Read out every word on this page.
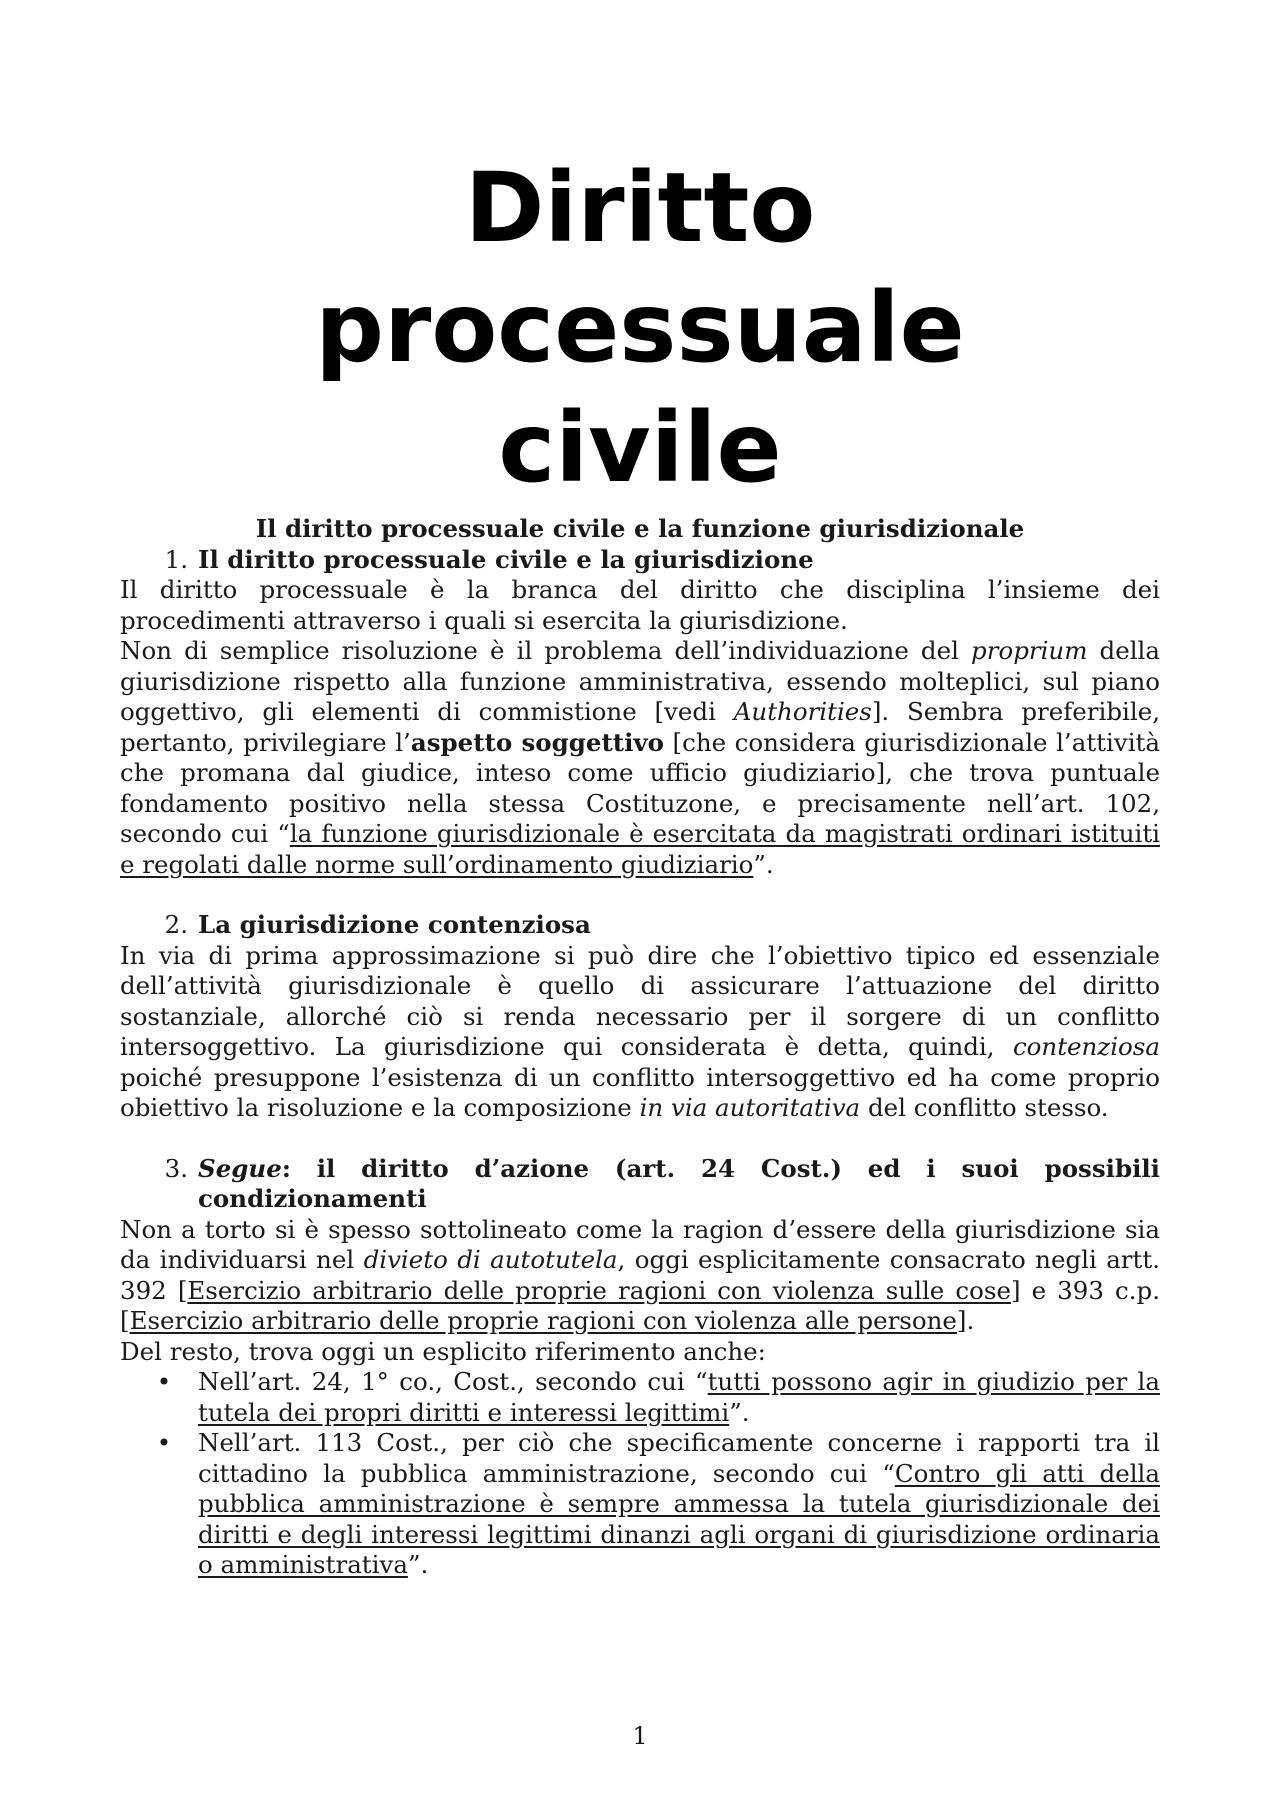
Diritto
processuale
civile

Il diritto processuale civile e la funzione giurisdizionale

1. Il diritto processuale civile e la giurisdizione

Il diritto processuale è la branca del diritto che disciplina l’insieme dei procedimenti attraverso i quali si esercita la giurisdizione.

Non di semplice risoluzione è il problema dell’individuazione del proprium della giurisdizione rispetto alla funzione amministrativa, essendo molteplici, sul piano oggettivo, gli elementi di commistione [vedi Authorities]. Sembra preferibile, pertanto, privilegiare l’aspetto soggettivo [che considera giurisdizionale l’attività che promana dal giudice, inteso come ufficio giudiziario], che trova puntuale fondamento positivo nella stessa Costituzone, e precisamente nell’art. 102, secondo cui “la funzione giurisdizionale è esercitata da magistrati ordinari istituiti e regolati dalle norme sull’ordinamento giudiziario”.

2. La giurisdizione contenziosa

In via di prima approssimazione si può dire che l’obiettivo tipico ed essenziale dell’attività giurisdizionale è quello di assicurare l’attuazione del diritto sostanziale, allorché ciò si renda necessario per il sorgere di un conflitto intersoggettivo. La giurisdizione qui considerata è detta, quindi, contenziosa poiché presuppone l’esistenza di un conflitto intersoggettivo ed ha come proprio obiettivo la risoluzione e la composizione in via autoritativa del conflitto stesso.

3. Segue: il diritto d’azione (art. 24 Cost.) ed i suoi possibili condizionamenti

Non a torto si è spesso sottolineato come la ragion d’essere della giurisdizione sia da individuarsi nel divieto di autotutela, oggi esplicitamente consacrato negli artt. 392 [Esercizio arbitrario delle proprie ragioni con violenza sulle cose] e 393 c.p. [Esercizio arbitrario delle proprie ragioni con violenza alle persone].

Del resto, trova oggi un esplicito riferimento anche:

•	Nell’art. 24, 1° co., Cost., secondo cui “tutti possono agir in giudizio per la tutela dei propri diritti e interessi legittimi”.
•	Nell’art. 113 Cost., per ciò che specificamente concerne i rapporti tra il cittadino la pubblica amministrazione, secondo cui “Contro gli atti della pubblica amministrazione è sempre ammessa la tutela giurisdizionale dei diritti e degli interessi legittimi dinanzi agli organi di giurisdizione ordinaria o amministrativa”.
1
